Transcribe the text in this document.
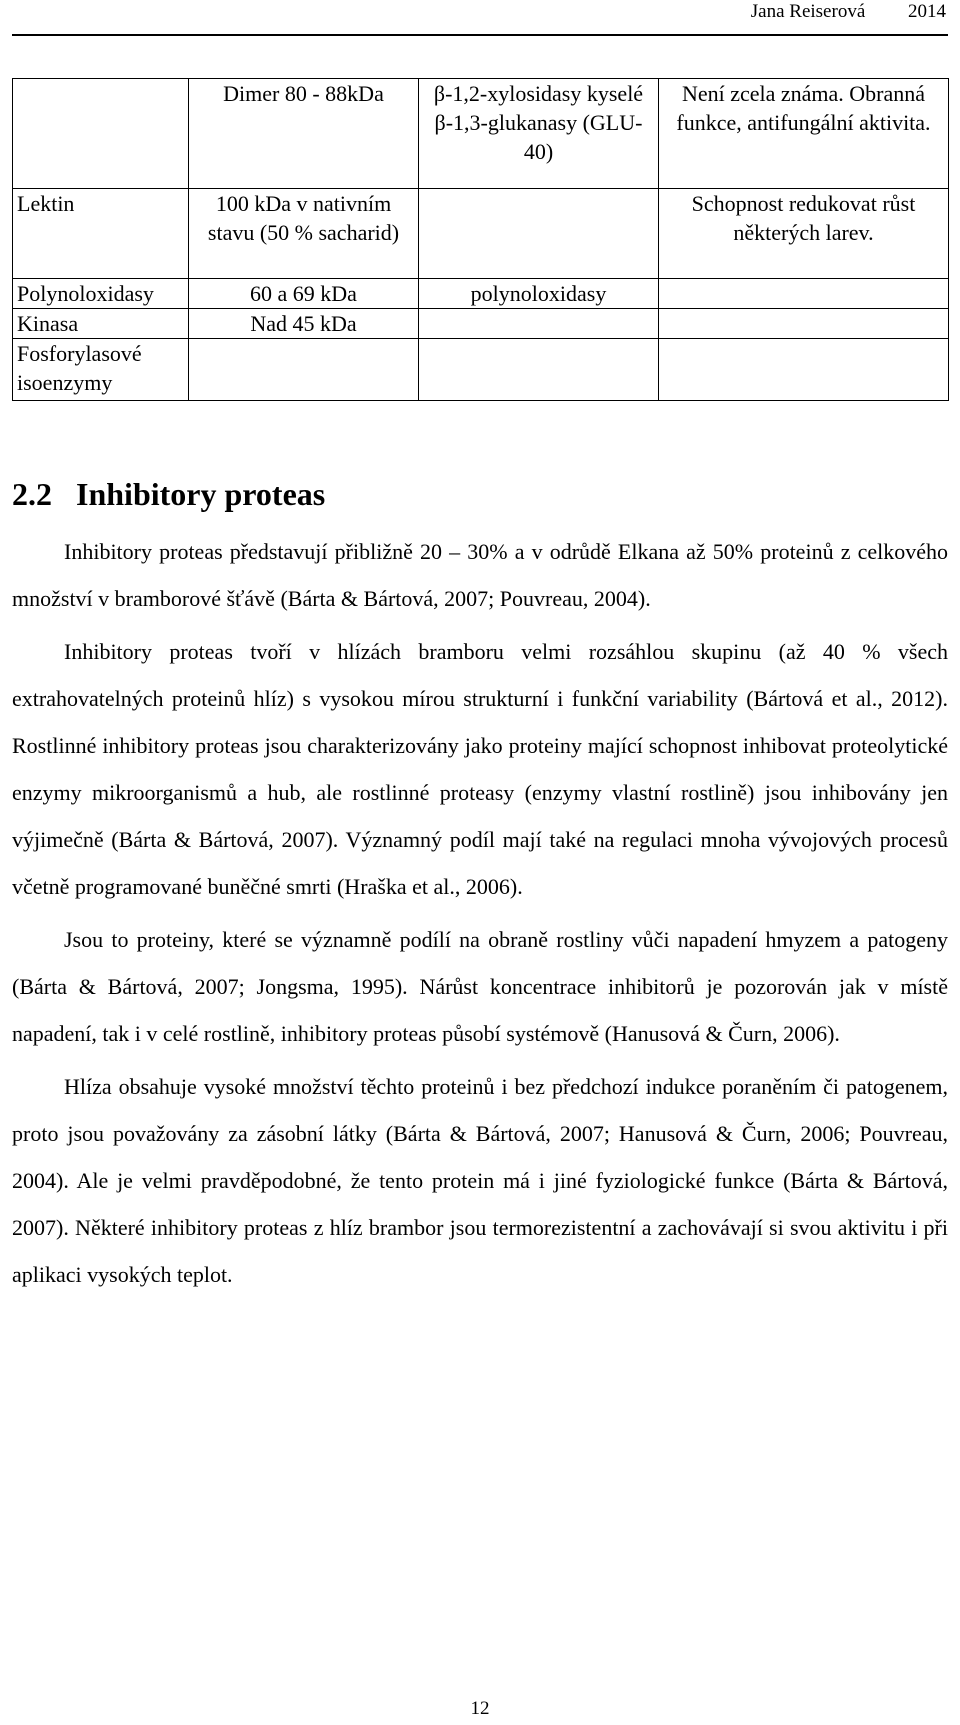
Jana Reiserová 2014
	Dimer 80 - 88kDa	β-1,2-xylosidasy kyselé β-1,3-glukanasy (GLU-40)	Není zcela známa. Obranná funkce, antifungální aktivita.
Lektin	100 kDa v nativním stavu (50 % sacharid)		Schopnost redukovat růst některých larev.
Polynoloxidasy	60 a 69 kDa	polynoloxidasy	
Kinasa	Nad 45 kDa		
Fosforylasové isoenzymy			
2.2 Inhibitory proteas

Inhibitory proteas představují přibližně 20 – 30% a v odrůdě Elkana až 50% proteinů z celkového množství v bramborové šťávě (Bárta & Bártová, 2007; Pouvreau, 2004).

Inhibitory proteas tvoří v hlízách bramboru velmi rozsáhlou skupinu (až 40 % všech extrahovatelných proteinů hlíz) s vysokou mírou strukturní i funkční variability (Bártová et al., 2012). Rostlinné inhibitory proteas jsou charakterizovány jako proteiny mající schopnost inhibovat proteolytické enzymy mikroorganismů a hub, ale rostlinné proteasy (enzymy vlastní rostlině) jsou inhibovány jen výjimečně (Bárta & Bártová, 2007). Významný podíl mají také na regulaci mnoha vývojových procesů včetně programované buněčné smrti (Hraška et al., 2006).

Jsou to proteiny, které se významně podílí na obraně rostliny vůči napadení hmyzem a patogeny (Bárta & Bártová, 2007; Jongsma, 1995). Nárůst koncentrace inhibitorů je pozorován jak v místě napadení, tak i v celé rostlině, inhibitory proteas působí systémově (Hanusová & Čurn, 2006).

Hlíza obsahuje vysoké množství těchto proteinů i bez předchozí indukce poraněním či patogenem, proto jsou považovány za zásobní látky (Bárta & Bártová, 2007; Hanusová & Čurn, 2006; Pouvreau, 2004). Ale je velmi pravděpodobné, že tento protein má i jiné fyziologické funkce (Bárta & Bártová, 2007). Některé inhibitory proteas z hlíz brambor jsou termorezistentní a zachovávají si svou aktivitu i při aplikaci vysokých teplot.

12
